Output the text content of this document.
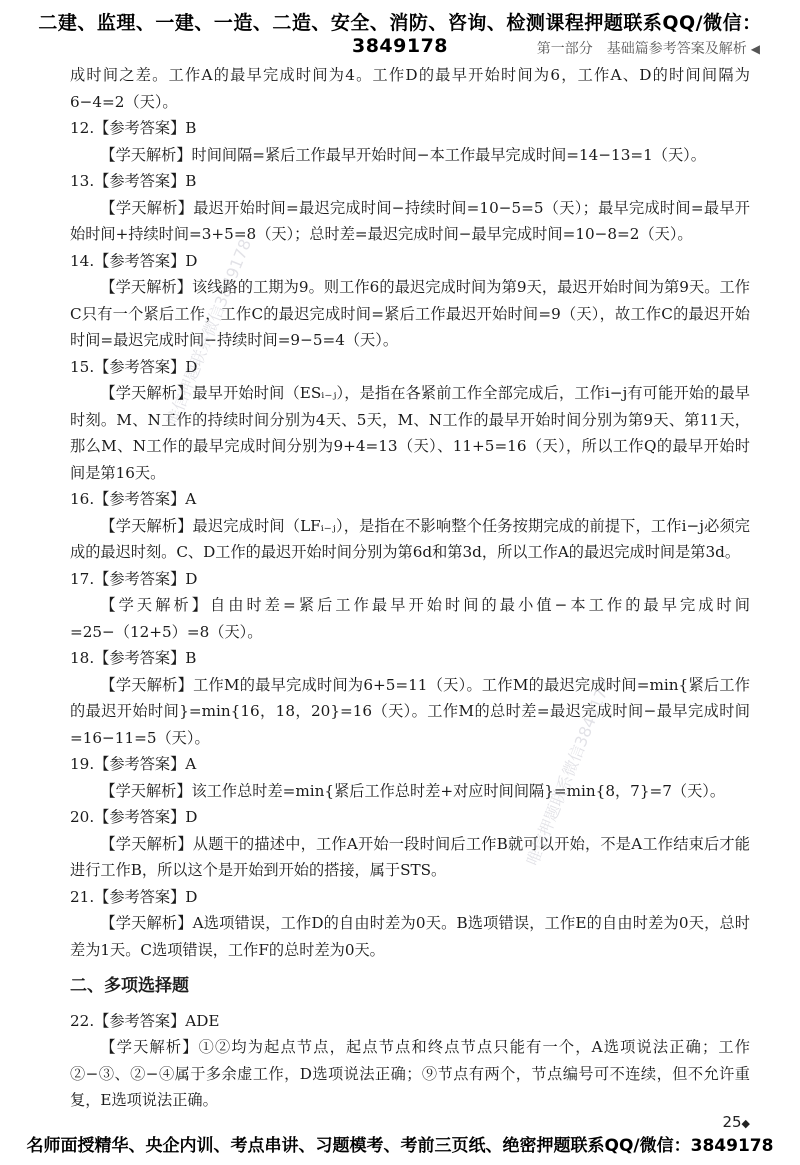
二建、监理、一建、一造、二造、安全、消防、咨询、检测课程押题联系QQ/微信：3849178	第一部分　基础篇参考答案及解析 ◀

成时间之差。工作A的最早完成时间为4。工作D的最早开始时间为6，工作A、D的时间间隔为6−4=2（天）。

12.【参考答案】B

【学天解析】时间间隔=紧后工作最早开始时间−本工作最早完成时间=14−13=1（天）。

13.【参考答案】B

【学天解析】最迟开始时间=最迟完成时间−持续时间=10−5=5（天）；最早完成时间=最早开始时间+持续时间=3+5=8（天）；总时差=最迟完成时间−最早完成时间=10−8=2（天）。

14.【参考答案】D

【学天解析】该线路的工期为9。则工作6的最迟完成时间为第9天，最迟开始时间为第9天。工作C只有一个紧后工作，工作C的最迟完成时间=紧后工作最迟开始时间=9（天），故工作C的最迟开始时间=最迟完成时间−持续时间=9−5=4（天）。

15.【参考答案】D

【学天解析】最早开始时间（ESᵢ₋ⱼ），是指在各紧前工作全部完成后，工作i−j有可能开始的最早时刻。M、N工作的持续时间分别为4天、5天，M、N工作的最早开始时间分别为第9天、第11天，那么M、N工作的最早完成时间分别为9+4=13（天）、11+5=16（天），所以工作Q的最早开始时间是第16天。

16.【参考答案】A

【学天解析】最迟完成时间（LFᵢ₋ⱼ），是指在不影响整个任务按期完成的前提下，工作i−j必须完成的最迟时刻。C、D工作的最迟开始时间分别为第6d和第3d，所以工作A的最迟完成时间是第3d。

17.【参考答案】D

【学天解析】自由时差=紧后工作最早开始时间的最小值−本工作的最早完成时间=25−（12+5）=8（天）。

18.【参考答案】B

【学天解析】工作M的最早完成时间为6+5=11（天）。工作M的最迟完成时间=min{紧后工作的最迟开始时间}=min{16，18，20}=16（天）。工作M的总时差=最迟完成时间−最早完成时间=16−11=5（天）。

19.【参考答案】A

【学天解析】该工作总时差=min{紧后工作总时差+对应时间间隔}=min{8，7}=7（天）。

20.【参考答案】D

【学天解析】从题干的描述中，工作A开始一段时间后工作B就可以开始，不是A工作结束后才能进行工作B，所以这个是开始到开始的搭接，属于STS。

21.【参考答案】D

【学天解析】A选项错误，工作D的自由时差为0天。B选项错误，工作E的自由时差为0天，总时差为1天。C选项错误，工作F的总时差为0天。

二、多项选择题

22.【参考答案】ADE

【学天解析】①②均为起点节点，起点节点和终点节点只能有一个，A选项说法正确；工作②−③、②−④属于多余虚工作，D选项说法正确；⑨节点有两个，节点编号可不连续，但不允许重复，E选项说法正确。

唯信押题联系微信3849178
唯信押题联系微信3849178
25◆
名师面授精华、央企内训、考点串讲、习题模考、考前三页纸、绝密押题联系QQ/微信：3849178
